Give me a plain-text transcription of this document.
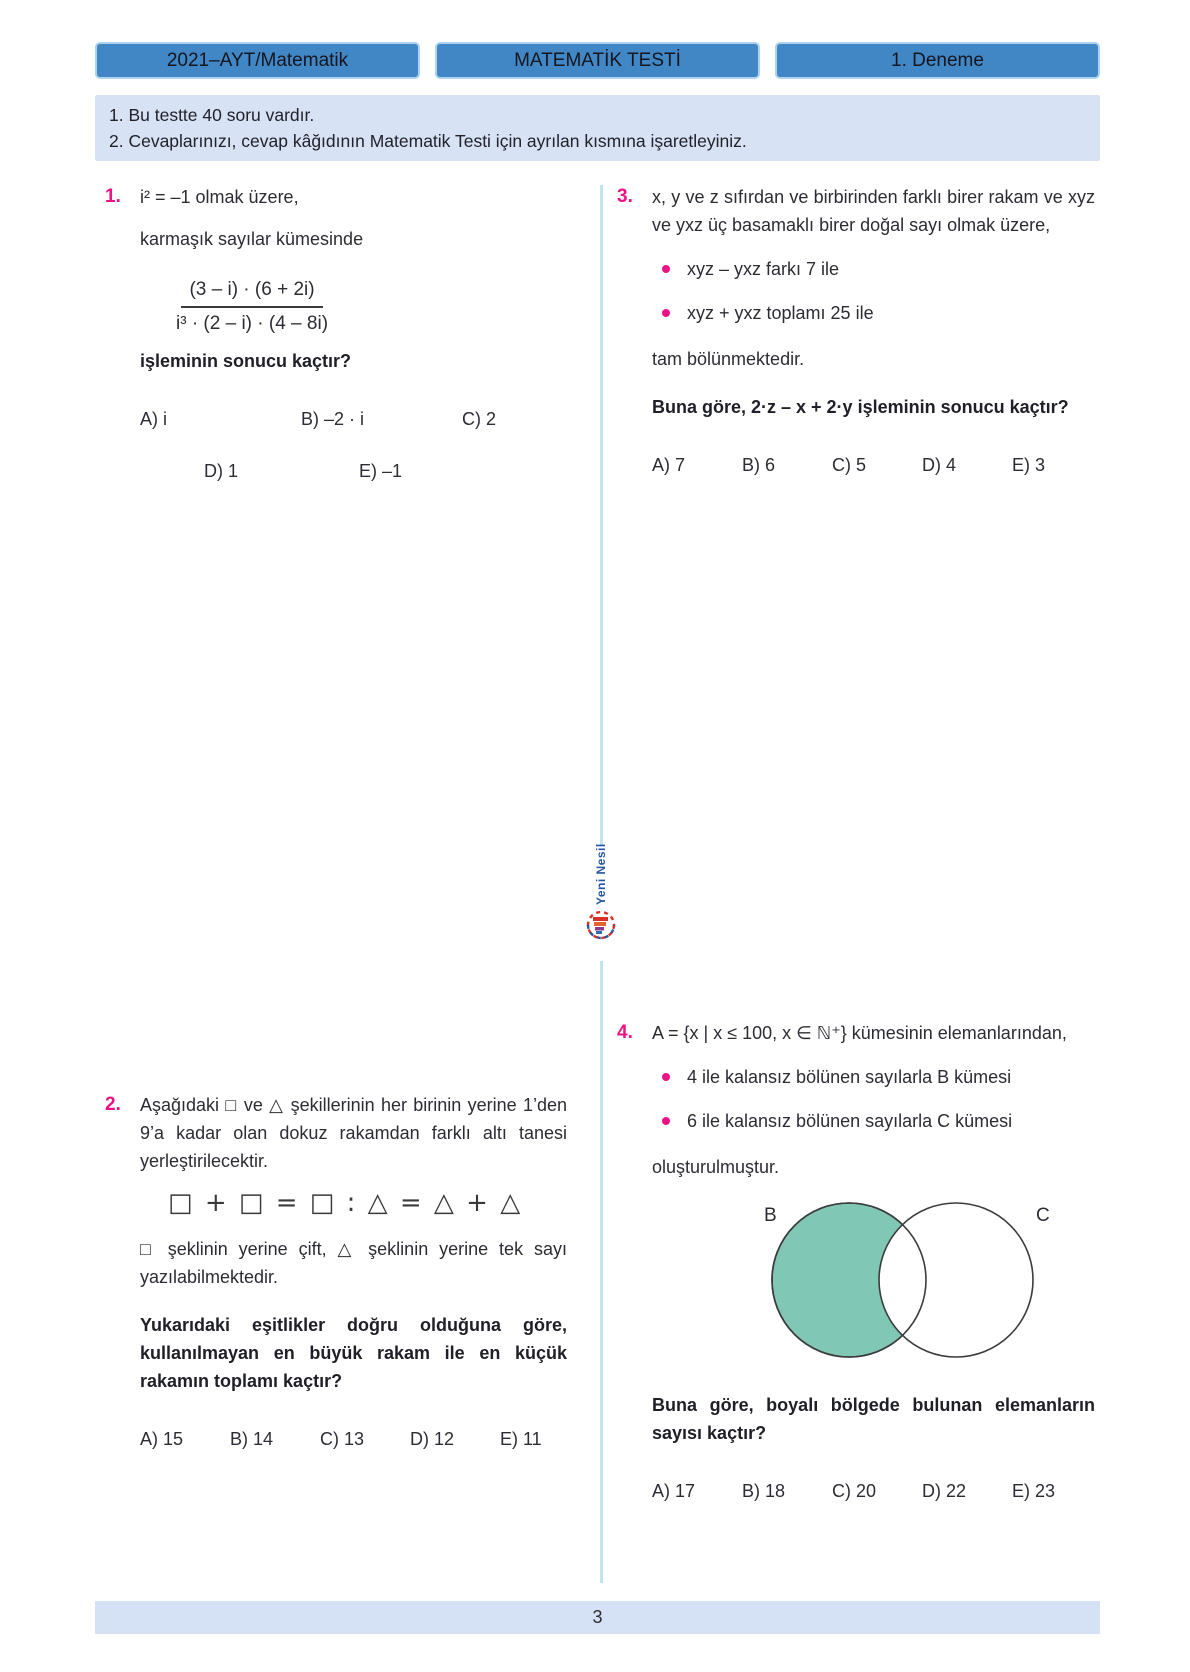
2021–AYT/Matematik	MATEMATİK TESTİ	1. Deneme
1. Bu testte 40 soru vardır.
2. Cevaplarınızı, cevap kâğıdının Matematik Testi için ayrılan kısmına işaretleyiniz.
Yeni Nesil
1.	i² = –1 olmak üzere,

karmaşık sayılar kümesinde

$\frac{(3 - i) \cdot (6 + 2i)}{\text{i³ · (2 – i) · (4 – 8i)}}$
işleminin sonucu kaçtır?
A) i	B) –2 · i	C) 2
D) 1	E) –1
3.	x, y ve z sıfırdan ve birbirinden farklı birer rakam ve xyz ve yxz üç basamaklı birer doğal sayı olmak üzere,

xyz – yxz farkı 7 ile
xyz + yxz toplamı 25 ile

tam bölünmektedir.

Buna göre, 2·z – x + 2·y işleminin sonucu kaçtır?
A) 7	B) 6	C) 5	D) 4	E) 3
2.	Aşağıdaki □ ve △ şekillerinin her birinin yerine 1’den 9’a kadar olan dokuz rakamdan farklı altı tanesi yerleştirilecektir.

□ + □ = □ : △ = △ + △

□ şeklinin yerine çift, △ şeklinin yerine tek sayı yazılabilmektedir.

Yukarıdaki eşitlikler doğru olduğuna göre, kullanılmayan en büyük rakam ile en küçük rakamın toplamı kaçtır?
A) 15	B) 14	C) 13	D) 12	E) 11
4.	A = {x | x ≤ 100, x ∈ ℕ⁺} kümesinin elemanlarından,

4 ile kalansız bölünen sayılarla B kümesi
6 ile kalansız bölünen sayılarla C kümesi

oluşturulmuştur.

B	C
Buna göre, boyalı bölgede bulunan elemanların sayısı kaçtır?
A) 17	B) 18	C) 20	D) 22	E) 23
3
